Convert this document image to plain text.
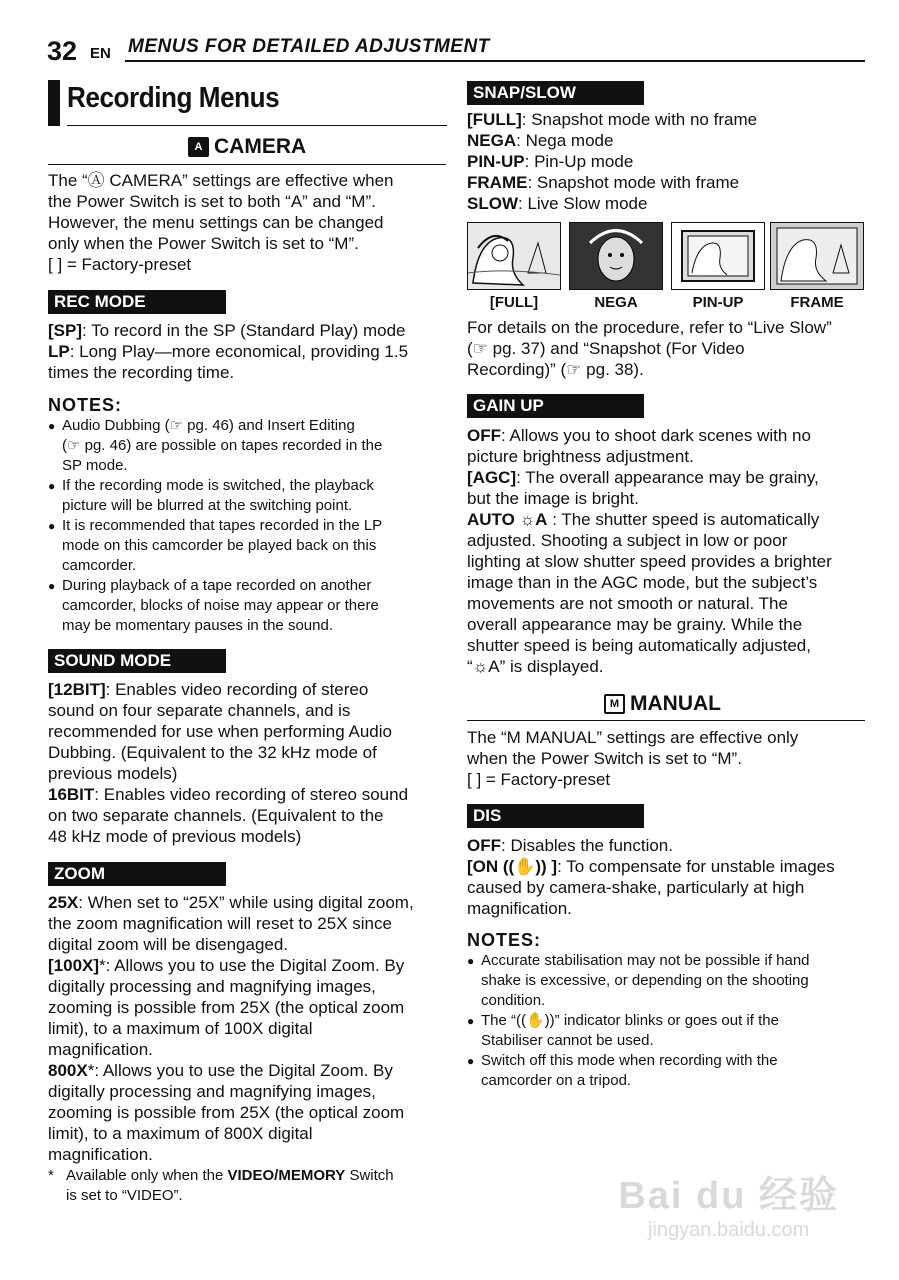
32 EN MENUS FOR DETAILED ADJUSTMENT
Recording Menus
A CAMERA

The “Ⓐ CAMERA” settings are effective when

the Power Switch is set to both “A” and “M”.

However, the menu settings can be changed

only when the Power Switch is set to “M”.

[ ] = Factory-preset

REC MODE

[SP]: To record in the SP (Standard Play) mode

LP: Long Play—more economical, providing 1.5

times the recording time.

NOTES:
● Audio Dubbing (☞ pg. 46) and Insert Editing
(☞ pg. 46) are possible on tapes recorded in the
SP mode.
● If the recording mode is switched, the playback
picture will be blurred at the switching point.
● It is recommended that tapes recorded in the LP
mode on this camcorder be played back on this
camcorder.
● During playback of a tape recorded on another
camcorder, blocks of noise may appear or there
may be momentary pauses in the sound.
SOUND MODE

[12BIT]: Enables video recording of stereo

sound on four separate channels, and is

recommended for use when performing Audio

Dubbing. (Equivalent to the 32 kHz mode of

previous models)

16BIT: Enables video recording of stereo sound

on two separate channels. (Equivalent to the

48 kHz mode of previous models)

ZOOM

25X: When set to “25X” while using digital zoom,

the zoom magnification will reset to 25X since

digital zoom will be disengaged.

[100X]*: Allows you to use the Digital Zoom. By

digitally processing and magnifying images,

zooming is possible from 25X (the optical zoom

limit), to a maximum of 100X digital

magnification.

800X*: Allows you to use the Digital Zoom. By

digitally processing and magnifying images,

zooming is possible from 25X (the optical zoom

limit), to a maximum of 800X digital

magnification.

* Available only when the VIDEO/MEMORY Switch
is set to “VIDEO”.
SNAP/SLOW

[FULL]: Snapshot mode with no frame

NEGA: Nega mode

PIN-UP: Pin-Up mode

FRAME: Snapshot mode with frame

SLOW: Live Slow mode

[FULL]	NEGA	PIN-UP	FRAME

For details on the procedure, refer to “Live Slow”

(☞ pg. 37) and “Snapshot (For Video

Recording)” (☞ pg. 38).

GAIN UP

OFF: Allows you to shoot dark scenes with no

picture brightness adjustment.

[AGC]: The overall appearance may be grainy,

but the image is bright.

AUTO ☼A : The shutter speed is automatically

adjusted. Shooting a subject in low or poor

lighting at slow shutter speed provides a brighter

image than in the AGC mode, but the subject’s

movements are not smooth or natural. The

overall appearance may be grainy. While the

shutter speed is being automatically adjusted,

“☼A” is displayed.

M MANUAL

The “M MANUAL” settings are effective only

when the Power Switch is set to “M”.

[ ] = Factory-preset

DIS

OFF: Disables the function.

[ON ((✋)) ]: To compensate for unstable images

caused by camera-shake, particularly at high

magnification.

NOTES:
● Accurate stabilisation may not be possible if hand
shake is excessive, or depending on the shooting
condition.
● The “((✋))” indicator blinks or goes out if the
Stabiliser cannot be used.
● Switch off this mode when recording with the
camcorder on a tripod.
Bai du 经验
jingyan.baidu.com
